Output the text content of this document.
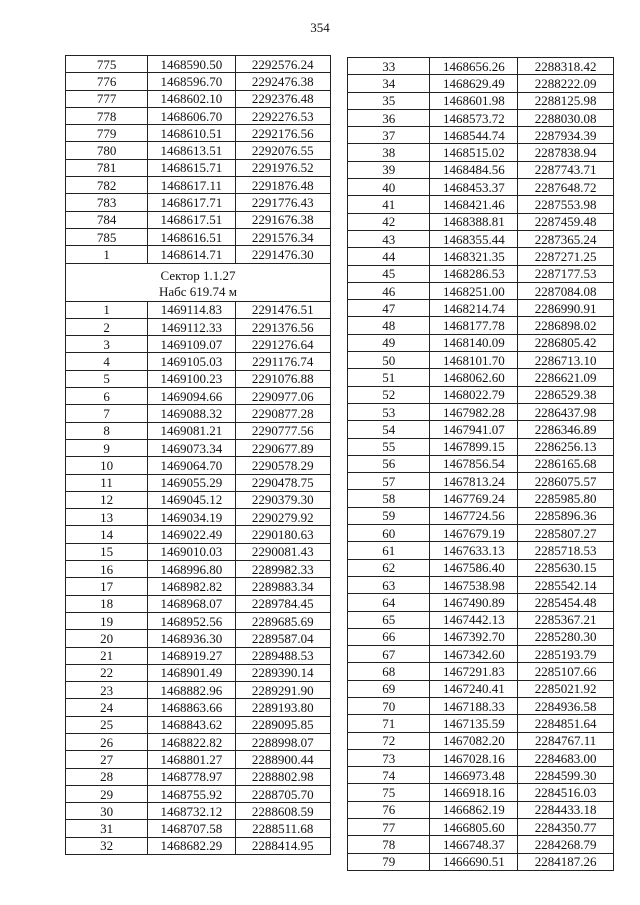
354
775	1468590.50	2292576.24
776	1468596.70	2292476.38
777	1468602.10	2292376.48
778	1468606.70	2292276.53
779	1468610.51	2292176.56
780	1468613.51	2292076.55
781	1468615.71	2291976.52
782	1468617.11	2291876.48
783	1468617.71	2291776.43
784	1468617.51	2291676.38
785	1468616.51	2291576.34
1	1468614.71	2291476.30

Сектор 1.1.27
Набс 619.74 м		

1	1469114.83	2291476.51
2	1469112.33	2291376.56
3	1469109.07	2291276.64
4	1469105.03	2291176.74
5	1469100.23	2291076.88
6	1469094.66	2290977.06
7	1469088.32	2290877.28
8	1469081.21	2290777.56
9	1469073.34	2290677.89
10	1469064.70	2290578.29
11	1469055.29	2290478.75
12	1469045.12	2290379.30
13	1469034.19	2290279.92
14	1469022.49	2290180.63
15	1469010.03	2290081.43
16	1468996.80	2289982.33
17	1468982.82	2289883.34
18	1468968.07	2289784.45
19	1468952.56	2289685.69
20	1468936.30	2289587.04
21	1468919.27	2289488.53
22	1468901.49	2289390.14
23	1468882.96	2289291.90
24	1468863.66	2289193.80
25	1468843.62	2289095.85
26	1468822.82	2288998.07
27	1468801.27	2288900.44
28	1468778.97	2288802.98
29	1468755.92	2288705.70
30	1468732.12	2288608.59
31	1468707.58	2288511.68
32	1468682.29	2288414.95
33	1468656.26	2288318.42
34	1468629.49	2288222.09
35	1468601.98	2288125.98
36	1468573.72	2288030.08
37	1468544.74	2287934.39
38	1468515.02	2287838.94
39	1468484.56	2287743.71
40	1468453.37	2287648.72
41	1468421.46	2287553.98
42	1468388.81	2287459.48
43	1468355.44	2287365.24
44	1468321.35	2287271.25
45	1468286.53	2287177.53
46	1468251.00	2287084.08
47	1468214.74	2286990.91
48	1468177.78	2286898.02
49	1468140.09	2286805.42
50	1468101.70	2286713.10
51	1468062.60	2286621.09
52	1468022.79	2286529.38
53	1467982.28	2286437.98
54	1467941.07	2286346.89
55	1467899.15	2286256.13
56	1467856.54	2286165.68
57	1467813.24	2286075.57
58	1467769.24	2285985.80
59	1467724.56	2285896.36
60	1467679.19	2285807.27
61	1467633.13	2285718.53
62	1467586.40	2285630.15
63	1467538.98	2285542.14
64	1467490.89	2285454.48
65	1467442.13	2285367.21
66	1467392.70	2285280.30
67	1467342.60	2285193.79
68	1467291.83	2285107.66
69	1467240.41	2285021.92
70	1467188.33	2284936.58
71	1467135.59	2284851.64
72	1467082.20	2284767.11
73	1467028.16	2284683.00
74	1466973.48	2284599.30
75	1466918.16	2284516.03
76	1466862.19	2284433.18
77	1466805.60	2284350.77
78	1466748.37	2284268.79
79	1466690.51	2284187.26
